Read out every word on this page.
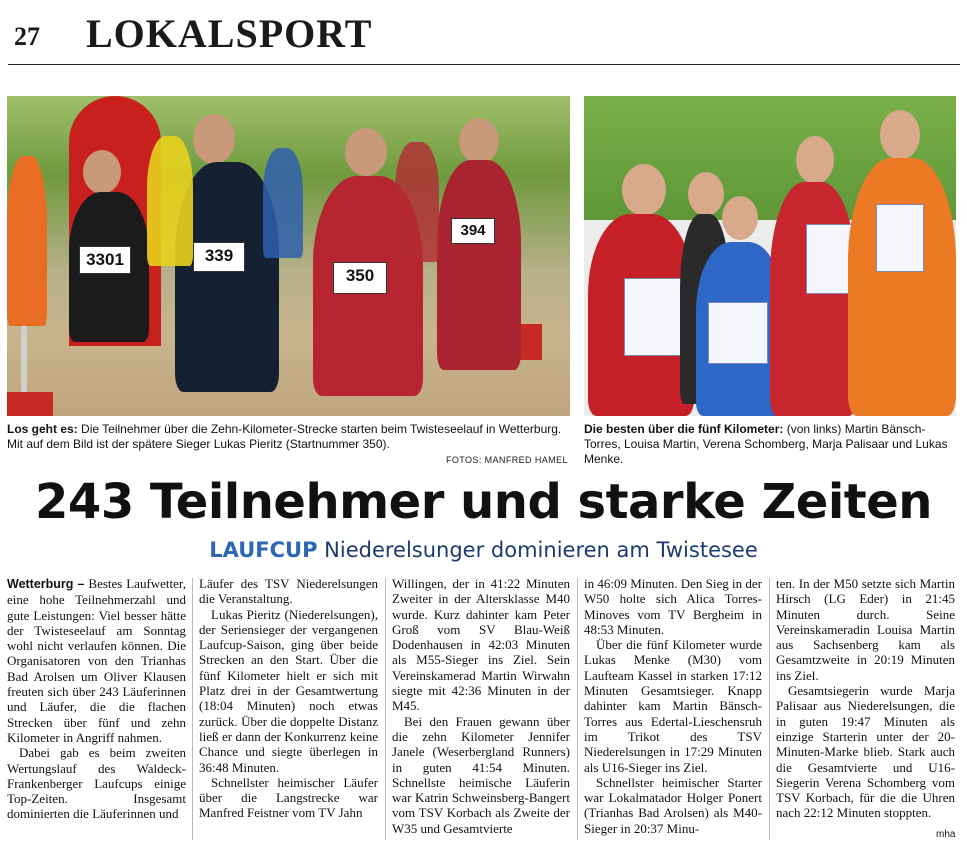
27 LOKALSPORT
3301	339
350
394
Los geht es: Die Teilnehmer über die Zehn-Kilometer-Strecke starten beim Twisteseelauf in Wetterburg. Mit auf dem Bild ist der spätere Sieger Lukas Pieritz (Startnummer 350).
FOTOS: MANFRED HAMEL
Die besten über die fünf Kilometer: (von links) Martin Bänsch-Torres, Louisa Martin, Verena Schomberg, Marja Palisaar und Lukas Menke.
243 Teilnehmer und starke Zeiten
LAUFCUP Niederelsunger dominieren am Twistesee

Wetterburg – Bestes Laufwetter, eine hohe Teilnehmerzahl und gute Leistungen: Viel besser hätte der Twisteseelauf am Sonntag wohl nicht verlaufen können. Die Organisatoren von den Trianhas Bad Arolsen um Oliver Klausen freuten sich über 243 Läuferinnen und Läufer, die die flachen Strecken über fünf und zehn Kilometer in Angriff nahmen.

Dabei gab es beim zweiten Wertungslauf des Waldeck-Frankenberger Laufcups einige Top-Zeiten. Insgesamt dominierten die Läuferinnen und

Läufer des TSV Niederelsungen die Veranstaltung.

Lukas Pieritz (Niederelsungen), der Seriensieger der vergangenen Laufcup-Saison, ging über beide Strecken an den Start. Über die fünf Kilometer hielt er sich mit Platz drei in der Gesamtwertung (18:04 Minuten) noch etwas zurück. Über die doppelte Distanz ließ er dann der Konkurrenz keine Chance und siegte überlegen in 36:48 Minuten.

Schnellster heimischer Läufer über die Langstrecke war Manfred Feistner vom TV Jahn

Willingen, der in 41:22 Minuten Zweiter in der Altersklasse M40 wurde. Kurz dahinter kam Peter Groß vom SV Blau-Weiß Dodenhausen in 42:03 Minuten als M55-Sieger ins Ziel. Sein Vereinskamerad Martin Wirwahn siegte mit 42:36 Minuten in der M45.

Bei den Frauen gewann über die zehn Kilometer Jennifer Janele (Weserbergland Runners) in guten 41:54 Minuten. Schnellste heimische Läuferin war Katrin Schweinsberg-Bangert vom TSV Korbach als Zweite der W35 und Gesamtvierte

in 46:09 Minuten. Den Sieg in der W50 holte sich Alica Torres-Minoves vom TV Bergheim in 48:53 Minuten.

Über die fünf Kilometer wurde Lukas Menke (M30) vom Laufteam Kassel in starken 17:12 Minuten Gesamtsieger. Knapp dahinter kam Martin Bänsch-Torres aus Edertal-Lieschensruh im Trikot des TSV Niederelsungen in 17:29 Minuten als U16-Sieger ins Ziel.

Schnellster heimischer Starter war Lokalmatador Holger Ponert (Trianhas Bad Arolsen) als M40-Sieger in 20:37 Minu-

ten. In der M50 setzte sich Martin Hirsch (LG Eder) in 21:45 Minuten durch. Seine Vereinskameradin Louisa Martin aus Sachsenberg kam als Gesamtzweite in 20:19 Minuten ins Ziel.

Gesamtsiegerin wurde Marja Palisaar aus Niederelsungen, die in guten 19:47 Minuten als einzige Starterin unter der 20-Minuten-Marke blieb. Stark auch die Gesamtvierte und U16-Siegerin Verena Schomberg vom TSV Korbach, für die die Uhren nach 22:12 Minuten stoppten.

mha
